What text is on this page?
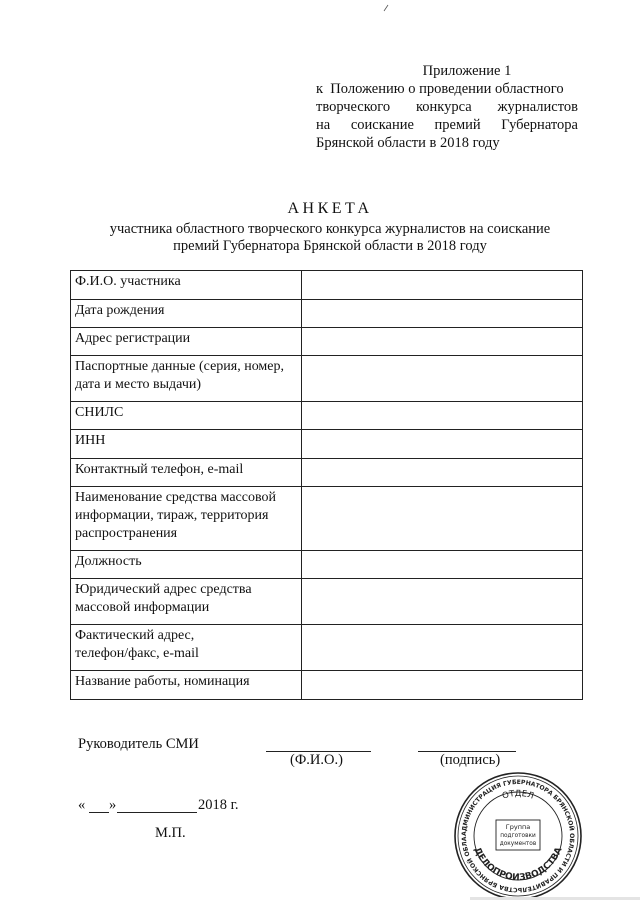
Приложение 1
к
Положению о проведении областного
творческого конкурса журналистов
на соискание премий Губернатора
Брянской области в 2018 году
АНКЕТА
участника областного творческого конкурса журналистов на соискание
премий Губернатора Брянской области в 2018 году
Ф.И.О. участника	

Дата рождения	

Адрес регистрации	

Паспортные данные (серия, номер,
дата и место выдачи)	

СНИЛС	

ИНН	

Контактный телефон, e-mail	

Наименование средства массовой
информации, тираж, территория
распространения	

Должность	

Юридический адрес средства
массовой информации	

Фактический адрес,
телефон/факс, e-mail	

Название работы, номинация	

Руководитель СМИ
(Ф.И.О.)	(подпись)
« »	2018 г.
М.П.	АДМИНИСТРАЦИЯ ГУБЕРНАТОРА БРЯНСКОЙ ОБЛАСТИ И ПРАВИТЕЛЬСТВА БРЯНСКОЙ ОБЛА
ОТДЕЛ
ДЕЛОПРОИЗВОДСТВА
Группа
подготовки
документов
